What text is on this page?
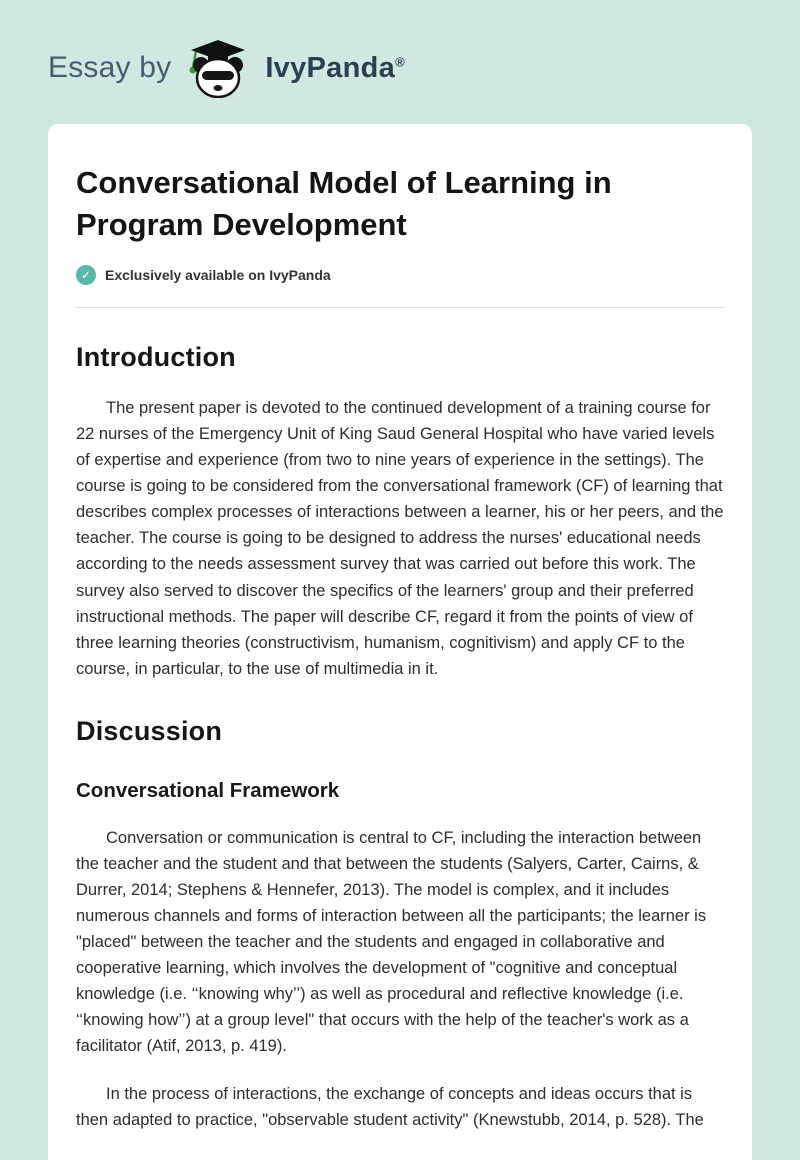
Essay by	IvyPanda®
Conversational Model of Learning in Program Development
✓ Exclusively available on IvyPanda
Introduction

The present paper is devoted to the continued development of a training course for 22 nurses of the Emergency Unit of King Saud General Hospital who have varied levels of expertise and experience (from two to nine years of experience in the settings). The course is going to be considered from the conversational framework (CF) of learning that describes complex processes of interactions between a learner, his or her peers, and the teacher. The course is going to be designed to address the nurses' educational needs according to the needs assessment survey that was carried out before this work. The survey also served to discover the specifics of the learners' group and their preferred instructional methods. The paper will describe CF, regard it from the points of view of three learning theories (constructivism, humanism, cognitivism) and apply CF to the course, in particular, to the use of multimedia in it.

Discussion
Conversational Framework

Conversation or communication is central to CF, including the interaction between the teacher and the student and that between the students (Salyers, Carter, Cairns, & Durrer, 2014; Stephens & Hennefer, 2013). The model is complex, and it includes numerous channels and forms of interaction between all the participants; the learner is "placed" between the teacher and the students and engaged in collaborative and cooperative learning, which involves the development of "cognitive and conceptual knowledge (i.e. ‘‘knowing why’’) as well as procedural and reflective knowledge (i.e. ‘‘knowing how’’) at a group level" that occurs with the help of the teacher's work as a facilitator (Atif, 2013, p. 419).

In the process of interactions, the exchange of concepts and ideas occurs that is then adapted to practice, "observable student activity" (Knewstubb, 2014, p. 528). The
